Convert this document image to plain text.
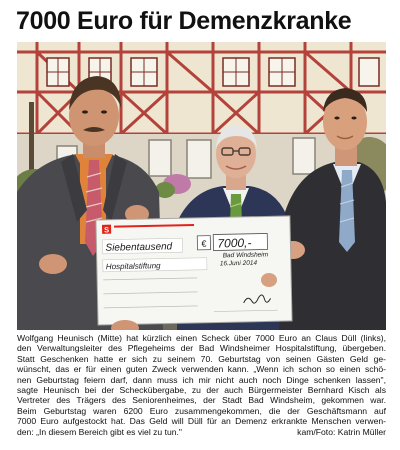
7000 Euro für Demenzkranke
S
Siebentausend	€ 7000,-
Bad Windsheim
16.Juni 2014
Hospitalstiftung
Wolfgang Heunisch (Mitte) hat kürzlich einen Scheck über 7000 Euro an Claus Düll (links),
den Verwaltungsleiter des Pflegeheims der Bad Windsheimer Hospitalstiftung, übergeben.
Statt Geschenken hatte er sich zu seinem 70. Geburtstag von seinen Gästen Geld ge-
wünscht, das er für einen guten Zweck verwenden kann. „Wenn ich schon so einen schö-
nen Geburtstag feiern darf, dann muss ich mir nicht auch noch Dinge schenken lassen",
sagte Heunisch bei der Scheckübergabe, zu der auch Bürgermeister Bernhard Kisch als
Vertreter des Trägers des Seniorenheimes, der Stadt Bad Windsheim, gekommen war.
Beim Geburtstag waren 6200 Euro zusammengekommen, die der Geschäftsmann auf
7000 Euro aufgestockt hat. Das Geld will Düll für an Demenz erkrankte Menschen verwen-
den: „In diesem Bereich gibt es viel zu tun."	kam/Foto: Katrin Müller
